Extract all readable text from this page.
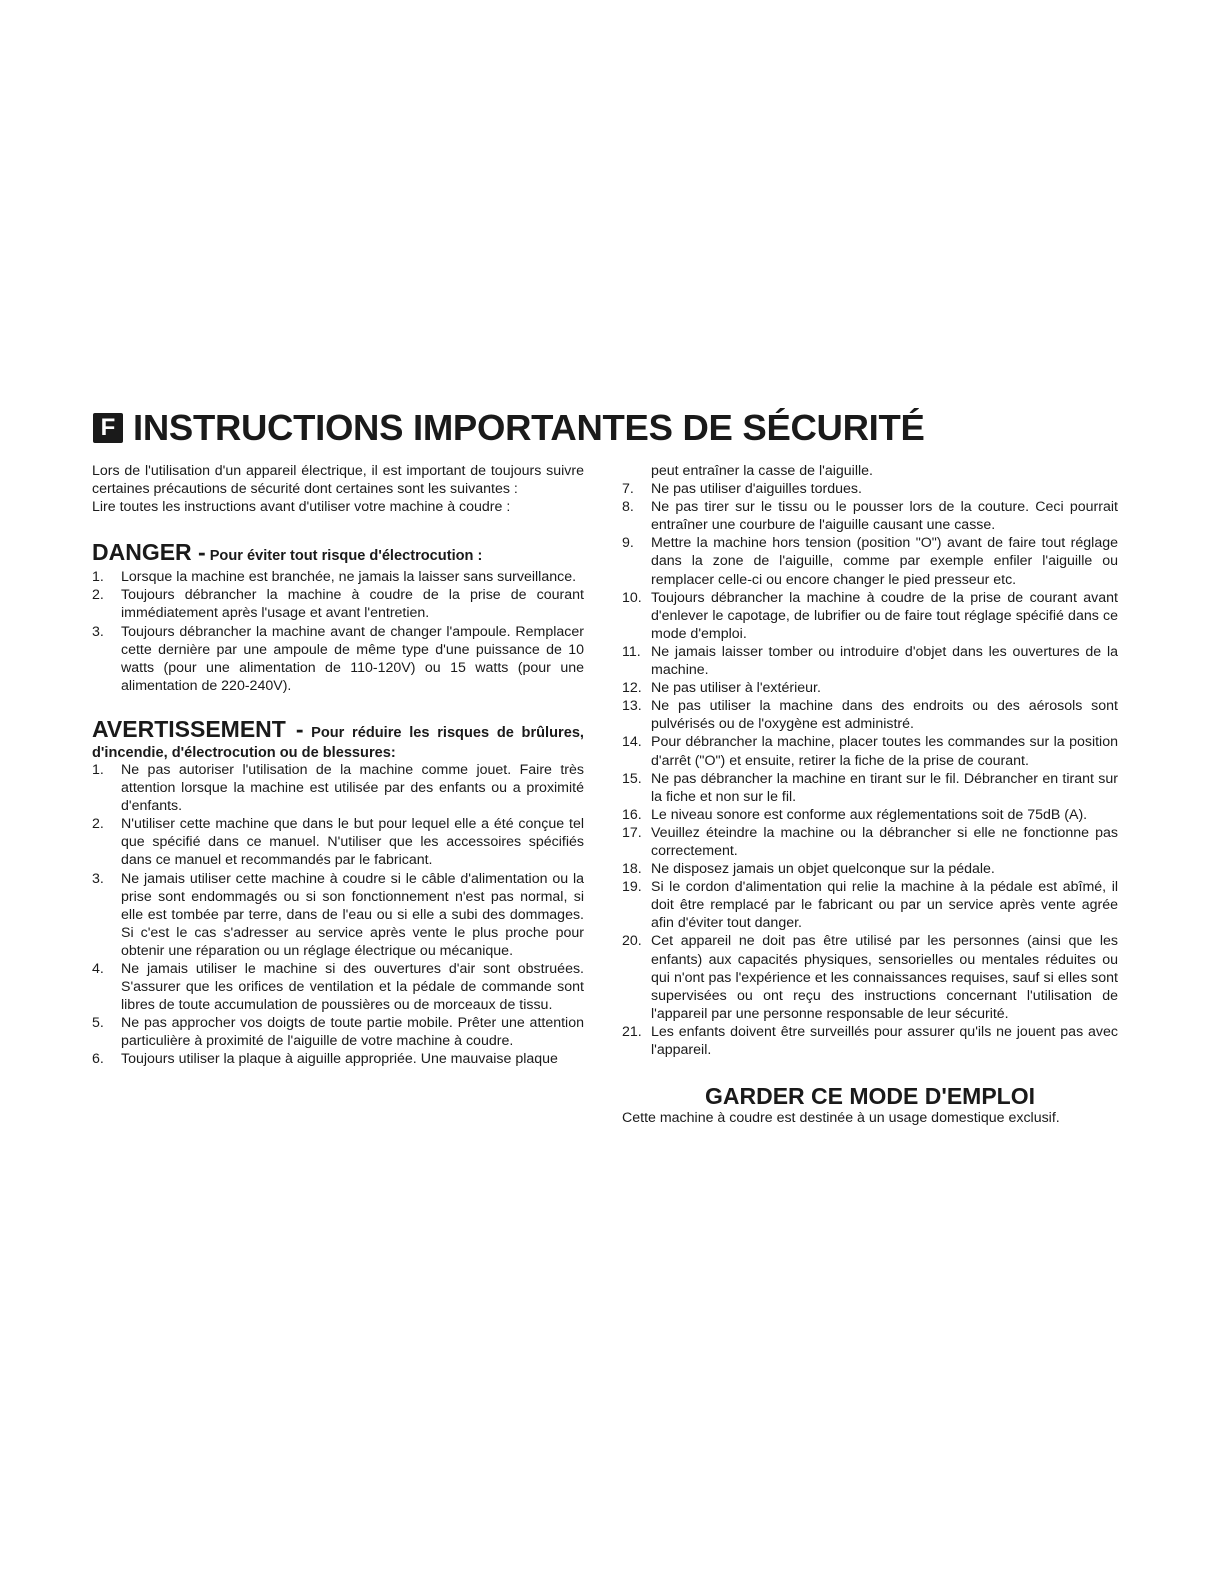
F INSTRUCTIONS IMPORTANTES DE SÉCURITÉ

Lors de l'utilisation d'un appareil électrique, il est important de toujours suivre certaines précautions de sécurité dont certaines sont les suivantes :

Lire toutes les instructions avant d'utiliser votre machine à coudre :

DANGER - Pour éviter tout risque d'électrocution :
1.	Lorsque la machine est branchée, ne jamais la laisser sans surveillance.
2.	Toujours débrancher la machine à coudre de la prise de courant immédiatement après l'usage et avant l'entretien.
3.	Toujours débrancher la machine avant de changer l'ampoule. Remplacer cette dernière par une ampoule de même type d'une puissance de 10 watts (pour une alimentation de 110-120V) ou 15 watts (pour une alimentation de 220-240V).
AVERTISSEMENT - Pour réduire les risques de brûlures,
d'incendie, d'électrocution ou de blessures:
1.	Ne pas autoriser l'utilisation de la machine comme jouet. Faire très attention lorsque la machine est utilisée par des enfants ou a proximité d'enfants.
2.	N'utiliser cette machine que dans le but pour lequel elle a été conçue tel que spécifié dans ce manuel. N'utiliser que les accessoires spécifiés dans ce manuel et recommandés par le fabricant.
3.	Ne jamais utiliser cette machine à coudre si le câble d'alimentation ou la prise sont endommagés ou si son fonctionnement n'est pas normal, si elle est tombée par terre, dans de l'eau ou si elle a subi des dommages. Si c'est le cas s'adresser au service après vente le plus proche pour obtenir une réparation ou un réglage électrique ou mécanique.
4.	Ne jamais utiliser le machine si des ouvertures d'air sont obstruées. S'assurer que les orifices de ventilation et la pédale de commande sont libres de toute accumulation de poussières ou de morceaux de tissu.
5.	Ne pas approcher vos doigts de toute partie mobile. Prêter une attention particulière à proximité de l'aiguille de votre machine à coudre.
6.	Toujours utiliser la plaque à aiguille appropriée. Une mauvaise plaque
peut entraîner la casse de l'aiguille.
7.	Ne pas utiliser d'aiguilles tordues.
8.	Ne pas tirer sur le tissu ou le pousser lors de la couture. Ceci pourrait entraîner une courbure de l'aiguille causant une casse.
9.	Mettre la machine hors tension (position "O") avant de faire tout réglage dans la zone de l'aiguille, comme par exemple enfiler l'aiguille ou remplacer celle-ci ou encore changer le pied presseur etc.
10. Toujours débrancher la machine à coudre de la prise de courant avant d'enlever le capotage, de lubrifier ou de faire tout réglage spécifié dans ce mode d'emploi.
11. Ne jamais laisser tomber ou introduire d'objet dans les ouvertures de la machine.
12. Ne pas utiliser à l'extérieur.
13. Ne pas utiliser la machine dans des endroits ou des aérosols sont pulvérisés ou de l'oxygène est administré.
14. Pour débrancher la machine, placer toutes les commandes sur la position d'arrêt ("O") et ensuite, retirer la fiche de la prise de courant.
15. Ne pas débrancher la machine en tirant sur le fil. Débrancher en tirant sur la fiche et non sur le fil.
16. Le niveau sonore est conforme aux réglementations soit de 75dB (A).
17. Veuillez éteindre la machine ou la débrancher si elle ne fonctionne pas correctement.
18. Ne disposez jamais un objet quelconque sur la pédale.
19. Si le cordon d'alimentation qui relie la machine à la pédale est abîmé, il doit être remplacé par le fabricant ou par un service après vente agrée afin d'éviter tout danger.
20. Cet appareil ne doit pas être utilisé par les personnes (ainsi que les enfants) aux capacités physiques, sensorielles ou mentales réduites ou qui n'ont pas l'expérience et les connaissances requises, sauf si elles sont supervisées ou ont reçu des instructions concernant l'utilisation de l'appareil par une personne responsable de leur sécurité.
21. Les enfants doivent être surveillés pour assurer qu'ils ne jouent pas avec l'appareil.
GARDER CE MODE D'EMPLOI

Cette machine à coudre est destinée à un usage domestique exclusif.
